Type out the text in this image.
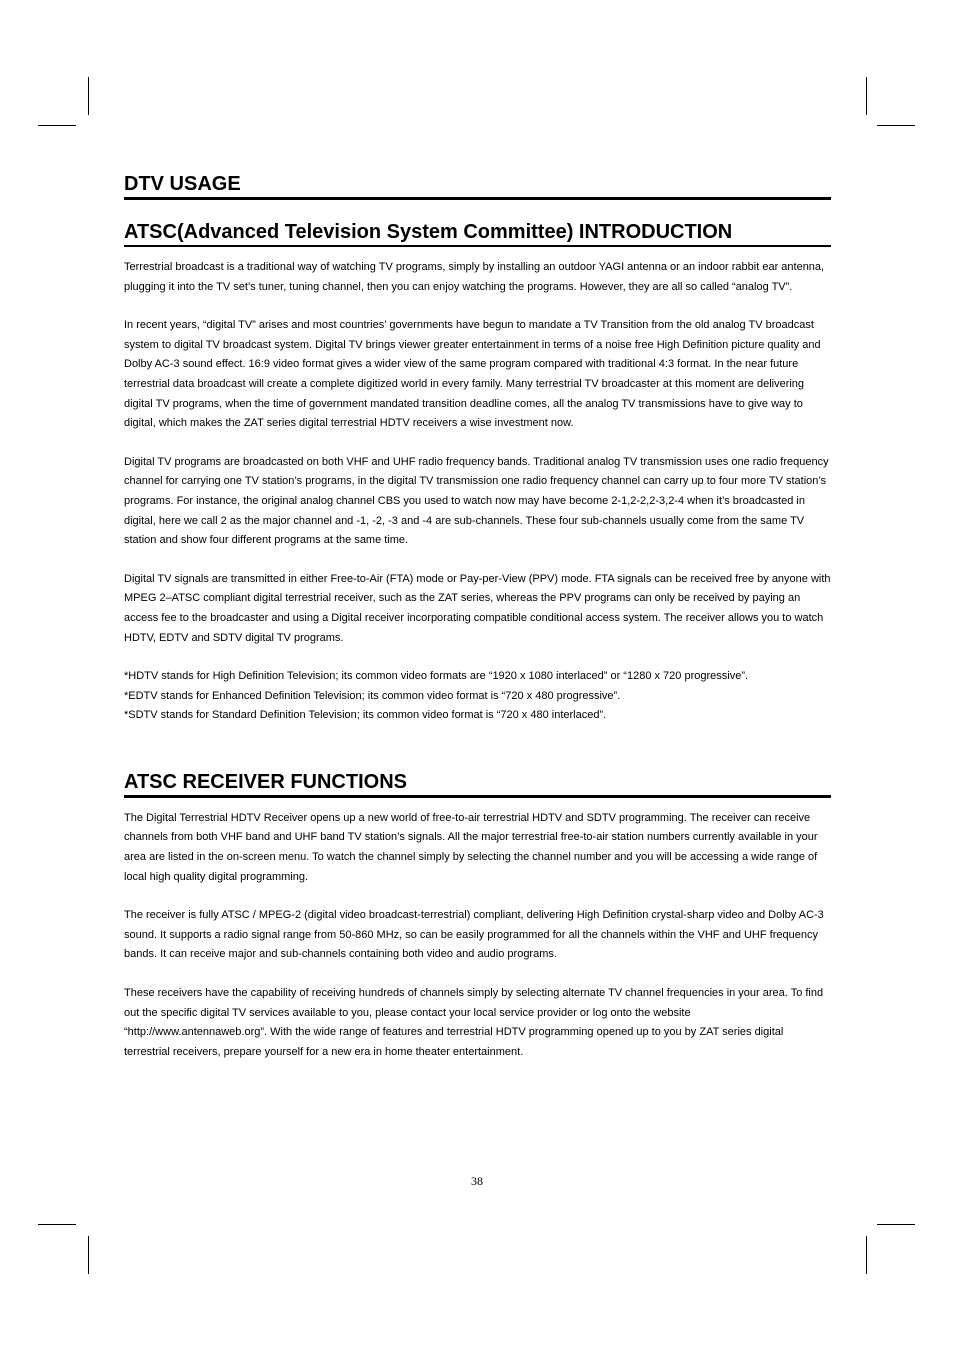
DTV USAGE
ATSC(Advanced Television System Committee) INTRODUCTION

Terrestrial broadcast is a traditional way of watching TV programs, simply by installing an outdoor YAGI antenna or an indoor rabbit ear antenna, plugging it into the TV set’s tuner, tuning channel, then you can enjoy watching the programs. However, they are all so called “analog TV”.

In recent years, “digital TV” arises and most countries’ governments have begun to mandate a TV Transition from the old analog TV broadcast system to digital TV broadcast system. Digital TV brings viewer greater entertainment in terms of a noise free High Definition picture quality and Dolby AC-3 sound effect. 16:9 video format gives a wider view of the same program compared with traditional 4:3 format. In the near future terrestrial data broadcast will create a complete digitized world in every family. Many terrestrial TV broadcaster at this moment are delivering digital TV programs, when the time of government mandated transition deadline comes, all the analog TV transmissions have to give way to digital, which makes the ZAT series digital terrestrial HDTV receivers a wise investment now.

Digital TV programs are broadcasted on both VHF and UHF radio frequency bands. Traditional analog TV transmission uses one radio frequency channel for carrying one TV station’s programs, in the digital TV transmission one radio frequency channel can carry up to four more TV station’s programs. For instance, the original analog channel CBS you used to watch now may have become 2-1,2-2,2-3,2-4 when it’s broadcasted in digital, here we call 2 as the major channel and -1, -2, -3 and -4 are sub-channels. These four sub-channels usually come from the same TV station and show four different programs at the same time.

Digital TV signals are transmitted in either Free-to-Air (FTA) mode or Pay-per-View (PPV) mode. FTA signals can be received free by anyone with MPEG 2–ATSC compliant digital terrestrial receiver, such as the ZAT series, whereas the PPV programs can only be received by paying an access fee to the broadcaster and using a Digital receiver incorporating compatible conditional access system. The receiver allows you to watch HDTV, EDTV and SDTV digital TV programs.

*HDTV stands for High Definition Television; its common video formats are “1920 x 1080 interlaced” or “1280 x 720 progressive”.

*EDTV stands for Enhanced Definition Television; its common video format is “720 x 480 progressive”.

*SDTV stands for Standard Definition Television; its common video format is “720 x 480 interlaced”.

ATSC RECEIVER FUNCTIONS

The Digital Terrestrial HDTV Receiver opens up a new world of free-to-air terrestrial HDTV and SDTV programming. The receiver can receive channels from both VHF band and UHF band TV station’s signals. All the major terrestrial free-to-air station numbers currently available in your area are listed in the on-screen menu. To watch the channel simply by selecting the channel number and you will be accessing a wide range of local high quality digital programming.

The receiver is fully ATSC / MPEG-2 (digital video broadcast-terrestrial) compliant, delivering High Definition crystal-sharp video and Dolby AC-3 sound. It supports a radio signal range from 50-860 MHz, so can be easily programmed for all the channels within the VHF and UHF frequency bands. It can receive major and sub-channels containing both video and audio programs.

These receivers have the capability of receiving hundreds of channels simply by selecting alternate TV channel frequencies in your area. To find out the specific digital TV services available to you, please contact your local service provider or log onto the website “http://www.antennaweb.org”. With the wide range of features and terrestrial HDTV programming opened up to you by ZAT series digital terrestrial receivers, prepare yourself for a new era in home theater entertainment.

38
